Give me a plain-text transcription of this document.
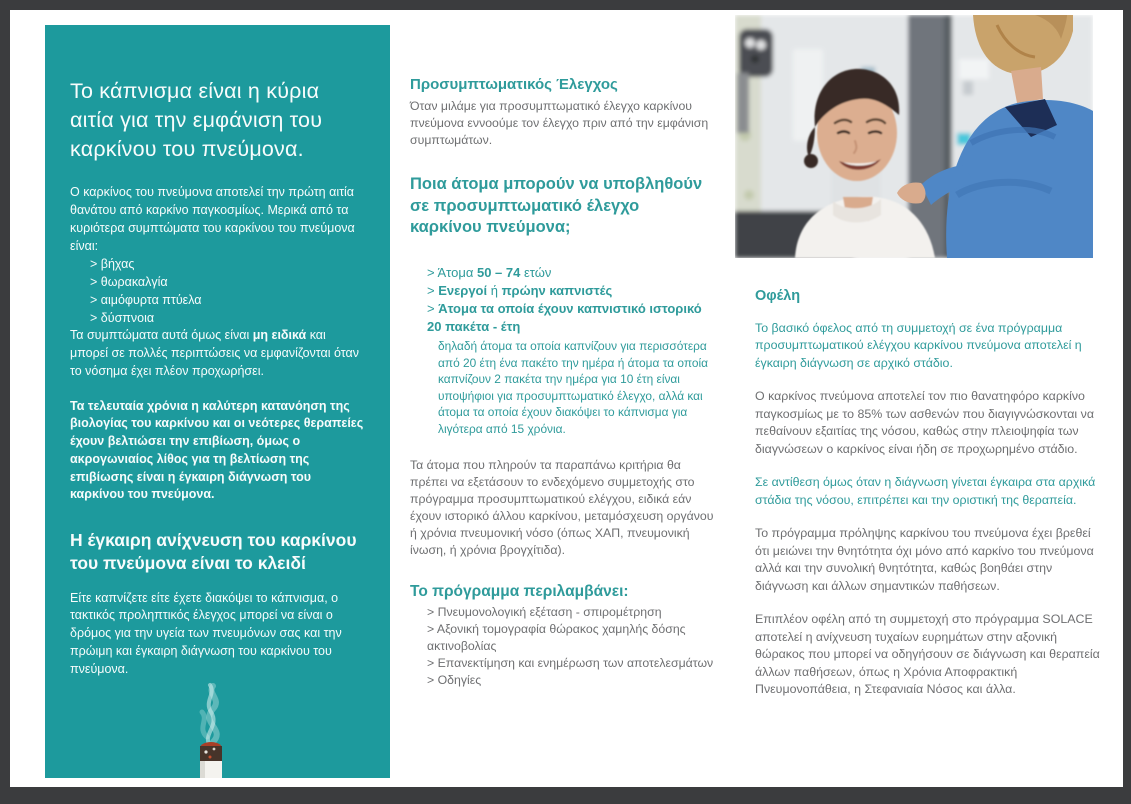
Το κάπνισμα είναι η κύρια αιτία για την εμφάνιση του καρκίνου του πνεύμονα.

Ο καρκίνος του πνεύμονα αποτελεί την πρώτη αιτία θανάτου από καρκίνο παγκοσμίως. Μερικά από τα κυριότερα συμπτώματα του καρκίνου του πνεύμονα είναι:

> βήχας
> θωρακαλγία
> αιμόφυρτα πτύελα
> δύσπνοια

Τα συμπτώματα αυτά όμως είναι μη ειδικά και μπορεί σε πολλές περιπτώσεις να εμφανίζονται όταν το νόσημα έχει πλέον προχωρήσει.

Τα τελευταία χρόνια η καλύτερη κατανόηση της βιολογίας του καρκίνου και οι νεότερες θεραπείες έχουν βελτιώσει την επιβίωση, όμως ο ακρογωνιαίος λίθος για τη βελτίωση της επιβίωσης είναι η έγκαιρη διάγνωση του καρκίνου του πνεύμονα.

Η έγκαιρη ανίχνευση του καρκίνου του πνεύμονα είναι το κλειδί

Είτε καπνίζετε είτε έχετε διακόψει το κάπνισμα, ο τακτικός προληπτικός έλεγχος μπορεί να είναι ο δρόμος για την υγεία των πνευμόνων σας και την πρώιμη και έγκαιρη διάγνωση του καρκίνου του πνεύμονα.

Προσυμπτωματικός Έλεγχος

Όταν μιλάμε για προσυμπτωματικό έλεγχο καρκίνου πνεύμονα εννοούμε τον έλεγχο πριν από την εμφάνιση συμπτωμάτων.

Ποια άτομα μπορούν να υποβληθούν σε προσυμπτωματικό έλεγχο καρκίνου πνεύμονα;
> Άτομα 50 – 74 ετών
> Ενεργοί ή πρώην καπνιστές
> Άτομα τα οποία έχουν καπνιστικό ιστορικό 20 πακέτα - έτη

δηλαδή άτομα τα οποία καπνίζουν για περισσότερα από 20 έτη ένα πακέτο την ημέρα ή άτομα τα οποία καπνίζουν 2 πακέτα την ημέρα για 10 έτη είναι υποψήφιοι για προσυμπτωματικό έλεγχο, αλλά και άτομα τα οποία έχουν διακόψει το κάπνισμα για λιγότερα από 15 χρόνια.

Τα άτομα που πληρούν τα παραπάνω κριτήρια θα πρέπει να εξετάσουν το ενδεχόμενο συμμετοχής στο πρόγραμμα προσυμπτωματικού ελέγχου, ειδικά εάν έχουν ιστορικό άλλου καρκίνου, μεταμόσχευση οργάνου ή χρόνια πνευμονική νόσο (όπως ΧΑΠ, πνευμονική ίνωση, ή χρόνια βρογχίτιδα).

Το πρόγραμμα περιλαμβάνει:
> Πνευμονολογική εξέταση - σπιρομέτρηση
> Αξονική τομογραφία θώρακος χαμηλής δόσης ακτινοβολίας
> Επανεκτίμηση και ενημέρωση των αποτελεσμάτων
> Οδηγίες
Οφέλη

Το βασικό όφελος από τη συμμετοχή σε ένα πρόγραμμα προσυμπτωματικού ελέγχου καρκίνου πνεύμονα αποτελεί η έγκαιρη διάγνωση σε αρχικό στάδιο.

Ο καρκίνος πνεύμονα αποτελεί τον πιο θανατηφόρο καρκίνο παγκοσμίως με το 85% των ασθενών που διαγιγνώσκονται να πεθαίνουν εξαιτίας της νόσου, καθώς στην πλειοψηφία των διαγνώσεων ο καρκίνος είναι ήδη σε προχωρημένο στάδιο.

Σε αντίθεση όμως όταν η διάγνωση γίνεται έγκαιρα στα αρχικά στάδια της νόσου, επιτρέπει και την οριστική της θεραπεία.

Το πρόγραμμα πρόληψης καρκίνου του πνεύμονα έχει βρεθεί ότι μειώνει την θνητότητα όχι μόνο από καρκίνο του πνεύμονα αλλά και την συνολική θνητότητα, καθώς βοηθάει στην διάγνωση και άλλων σημαντικών παθήσεων.

Επιπλέον οφέλη από τη συμμετοχή στο πρόγραμμα SOLACE αποτελεί η ανίχνευση τυχαίων ευρημάτων στην αξονική θώρακος που μπορεί να οδηγήσουν σε διάγνωση και θεραπεία άλλων παθήσεων, όπως η Χρόνια Αποφρακτική Πνευμονοπάθεια, η Στεφανιαία Νόσος και άλλα.
